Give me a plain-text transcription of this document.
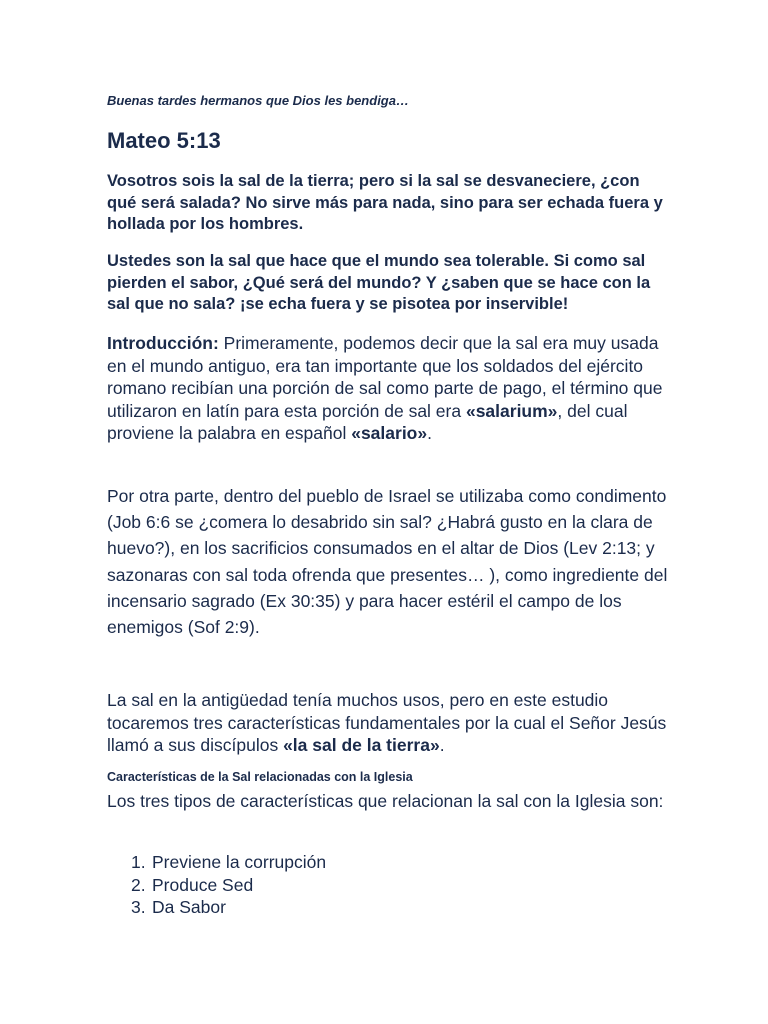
Buenas tardes hermanos que Dios les bendiga…

Mateo 5:13

Vosotros sois la sal de la tierra; pero si la sal se desvaneciere, ¿con qué será salada? No sirve más para nada, sino para ser echada fuera y hollada por los hombres.

Ustedes son la sal que hace que el mundo sea tolerable. Si como sal pierden el sabor, ¿Qué será del mundo? Y ¿saben que se hace con la sal que no sala? ¡se echa fuera y se pisotea por inservible!

Introducción: Primeramente, podemos decir que la sal era muy usada en el mundo antiguo, era tan importante que los soldados del ejército romano recibían una porción de sal como parte de pago, el término que utilizaron en latín para esta porción de sal era «salarium», del cual proviene la palabra en español «salario».

Por otra parte, dentro del pueblo de Israel se utilizaba como condimento (Job 6:6 se ¿comera lo desabrido sin sal? ¿Habrá gusto en la clara de huevo?), en los sacrificios consumados en el altar de Dios (Lev 2:13; y sazonaras con sal toda ofrenda que presentes… ), como ingrediente del incensario sagrado (Ex 30:35) y para hacer estéril el campo de los enemigos (Sof 2:9).

La sal en la antigüedad tenía muchos usos, pero en este estudio tocaremos tres características fundamentales por la cual el Señor Jesús llamó a sus discípulos «la sal de la tierra».

Características de la Sal relacionadas con la Iglesia

Los tres tipos de características que relacionan la sal con la Iglesia son:

1. Previene la corrupción
2. Produce Sed
3. Da Sabor
